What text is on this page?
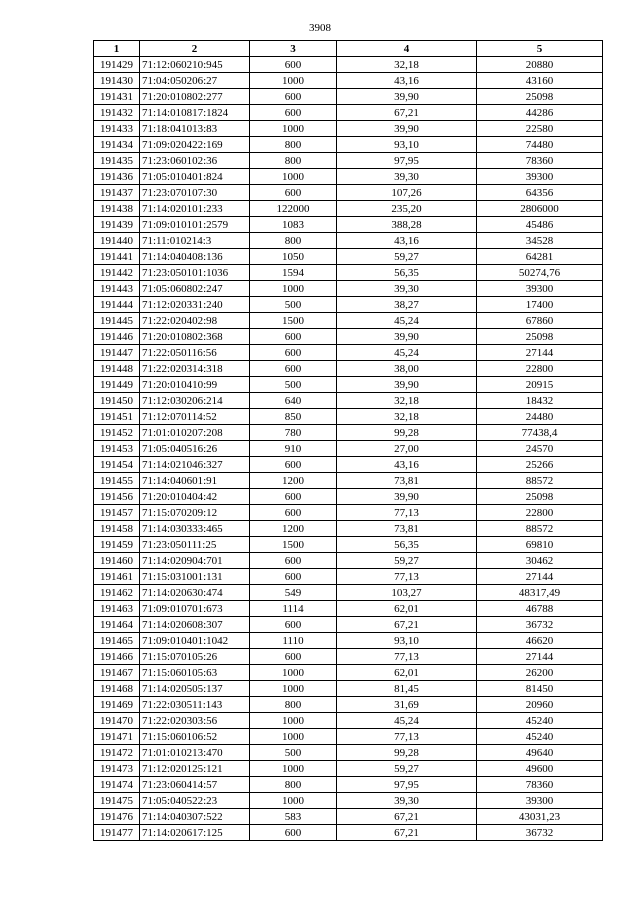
3908
1	2	3	4	5
191429	71:12:060210:945	600	32,18	20880
191430	71:04:050206:27	1000	43,16	43160
191431	71:20:010802:277	600	39,90	25098
191432	71:14:010817:1824	600	67,21	44286
191433	71:18:041013:83	1000	39,90	22580
191434	71:09:020422:169	800	93,10	74480
191435	71:23:060102:36	800	97,95	78360
191436	71:05:010401:824	1000	39,30	39300
191437	71:23:070107:30	600	107,26	64356
191438	71:14:020101:233	122000	235,20	2806000
191439	71:09:010101:2579	1083	388,28	45486
191440	71:11:010214:3	800	43,16	34528
191441	71:14:040408:136	1050	59,27	64281
191442	71:23:050101:1036	1594	56,35	50274,76
191443	71:05:060802:247	1000	39,30	39300
191444	71:12:020331:240	500	38,27	17400
191445	71:22:020402:98	1500	45,24	67860
191446	71:20:010802:368	600	39,90	25098
191447	71:22:050116:56	600	45,24	27144
191448	71:22:020314:318	600	38,00	22800
191449	71:20:010410:99	500	39,90	20915
191450	71:12:030206:214	640	32,18	18432
191451	71:12:070114:52	850	32,18	24480
191452	71:01:010207:208	780	99,28	77438,4
191453	71:05:040516:26	910	27,00	24570
191454	71:14:021046:327	600	43,16	25266
191455	71:14:040601:91	1200	73,81	88572
191456	71:20:010404:42	600	39,90	25098
191457	71:15:070209:12	600	77,13	22800
191458	71:14:030333:465	1200	73,81	88572
191459	71:23:050111:25	1500	56,35	69810
191460	71:14:020904:701	600	59,27	30462
191461	71:15:031001:131	600	77,13	27144
191462	71:14:020630:474	549	103,27	48317,49
191463	71:09:010701:673	1114	62,01	46788
191464	71:14:020608:307	600	67,21	36732
191465	71:09:010401:1042	1110	93,10	46620
191466	71:15:070105:26	600	77,13	27144
191467	71:15:060105:63	1000	62,01	26200
191468	71:14:020505:137	1000	81,45	81450
191469	71:22:030511:143	800	31,69	20960
191470	71:22:020303:56	1000	45,24	45240
191471	71:15:060106:52	1000	77,13	45240
191472	71:01:010213:470	500	99,28	49640
191473	71:12:020125:121	1000	59,27	49600
191474	71:23:060414:57	800	97,95	78360
191475	71:05:040522:23	1000	39,30	39300
191476	71:14:040307:522	583	67,21	43031,23
191477	71:14:020617:125	600	67,21	36732
